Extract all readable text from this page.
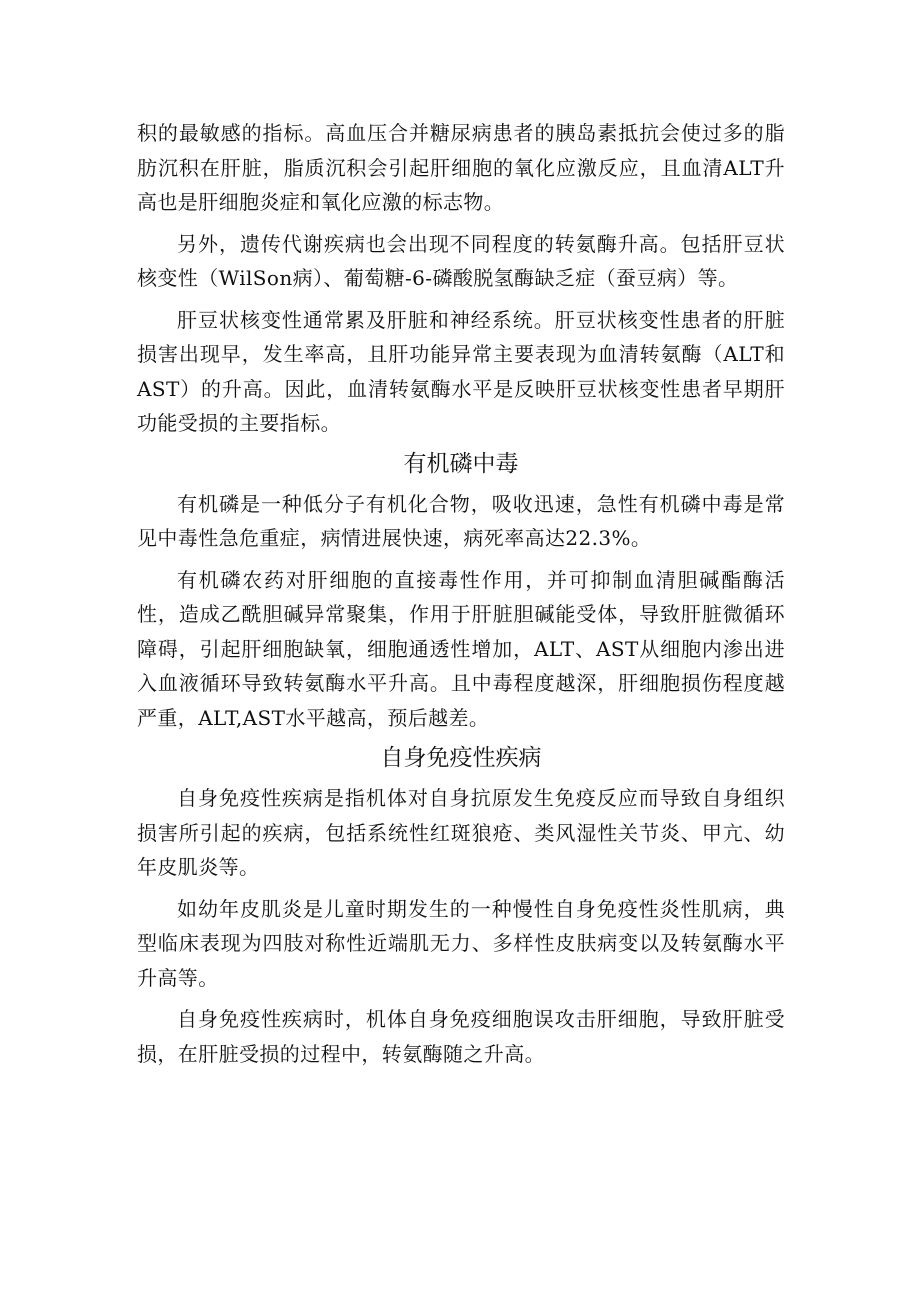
积的最敏感的指标。高血压合并糖尿病患者的胰岛素抵抗会使过多的脂肪沉积在肝脏，脂质沉积会引起肝细胞的氧化应激反应，且血清ALT升高也是肝细胞炎症和氧化应激的标志物。

另外，遗传代谢疾病也会出现不同程度的转氨酶升高。包括肝豆状核变性（WilSon病）、葡萄糖-6-磷酸脱氢酶缺乏症（蚕豆病）等。

肝豆状核变性通常累及肝脏和神经系统。肝豆状核变性患者的肝脏损害出现早，发生率高，且肝功能异常主要表现为血清转氨酶（ALT和AST）的升高。因此，血清转氨酶水平是反映肝豆状核变性患者早期肝功能受损的主要指标。

有机磷中毒

有机磷是一种低分子有机化合物，吸收迅速，急性有机磷中毒是常见中毒性急危重症，病情进展快速，病死率高达22.3%。

有机磷农药对肝细胞的直接毒性作用，并可抑制血清胆碱酯酶活性，造成乙酰胆碱异常聚集，作用于肝脏胆碱能受体，导致肝脏微循环障碍，引起肝细胞缺氧，细胞通透性增加，ALT、AST从细胞内渗出进入血液循环导致转氨酶水平升高。且中毒程度越深，肝细胞损伤程度越严重，ALT,AST水平越高，预后越差。

自身免疫性疾病

自身免疫性疾病是指机体对自身抗原发生免疫反应而导致自身组织损害所引起的疾病，包括系统性红斑狼疮、类风湿性关节炎、甲亢、幼年皮肌炎等。

如幼年皮肌炎是儿童时期发生的一种慢性自身免疫性炎性肌病，典型临床表现为四肢对称性近端肌无力、多样性皮肤病变以及转氨酶水平升高等。

自身免疫性疾病时，机体自身免疫细胞误攻击肝细胞，导致肝脏受损，在肝脏受损的过程中，转氨酶随之升高。
